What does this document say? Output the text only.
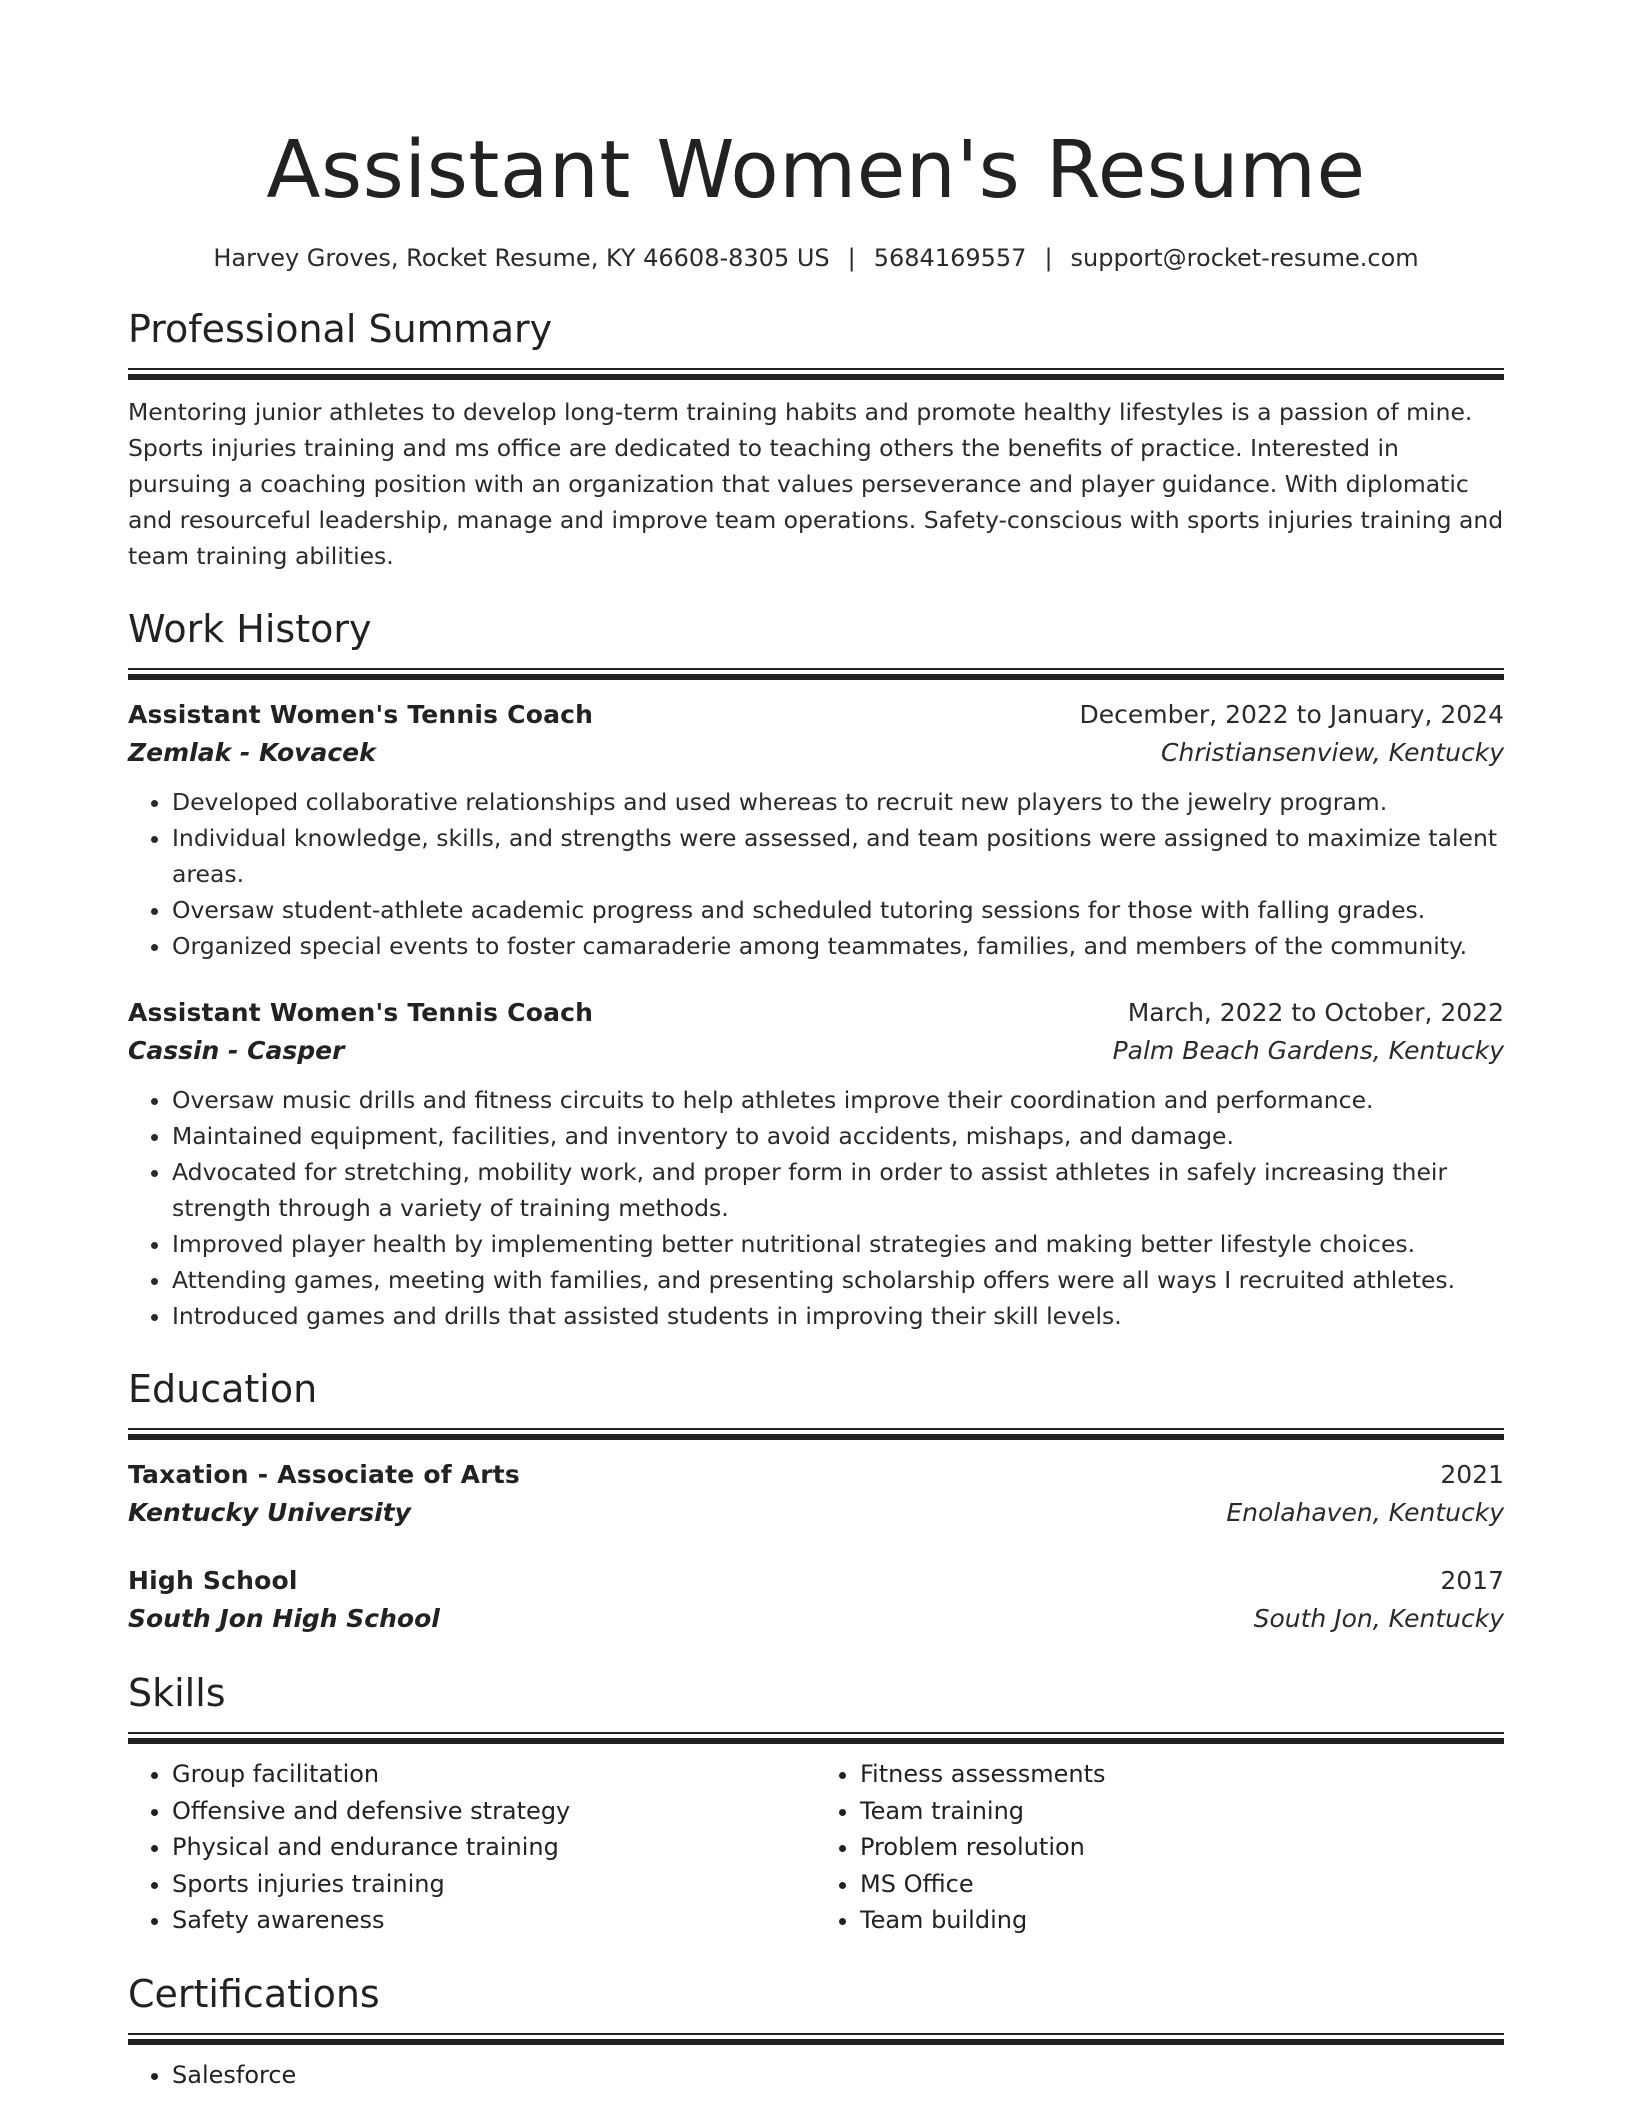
Assistant Women's Resume
Harvey Groves, Rocket Resume, KY 46608-8305 US | 5684169557 | support@rocket-resume.com
Professional Summary
Mentoring junior athletes to develop long-term training habits and promote healthy lifestyles is a passion of mine. Sports injuries training and ms office are dedicated to teaching others the benefits of practice. Interested in pursuing a coaching position with an organization that values perseverance and player guidance. With diplomatic and resourceful leadership, manage and improve team operations. Safety-conscious with sports injuries training and team training abilities.
Work History
Assistant Women's Tennis Coach	December, 2022 to January, 2024
Zemlak - Kovacek	Christiansenview, Kentucky
• Developed collaborative relationships and used whereas to recruit new players to the jewelry program.
• Individual knowledge, skills, and strengths were assessed, and team positions were assigned to maximize talent areas.
• Oversaw student-athlete academic progress and scheduled tutoring sessions for those with falling grades.
• Organized special events to foster camaraderie among teammates, families, and members of the community.
Assistant Women's Tennis Coach	March, 2022 to October, 2022
Cassin - Casper	Palm Beach Gardens, Kentucky
• Oversaw music drills and fitness circuits to help athletes improve their coordination and performance.
• Maintained equipment, facilities, and inventory to avoid accidents, mishaps, and damage.
• Advocated for stretching, mobility work, and proper form in order to assist athletes in safely increasing their strength through a variety of training methods.
• Improved player health by implementing better nutritional strategies and making better lifestyle choices.
• Attending games, meeting with families, and presenting scholarship offers were all ways I recruited athletes.
• Introduced games and drills that assisted students in improving their skill levels.
Education
Taxation - Associate of Arts	2021
Kentucky University	Enolahaven, Kentucky
High School	2017
South Jon High School	South Jon, Kentucky
Skills
• Group facilitation
• Offensive and defensive strategy
• Physical and endurance training
• Sports injuries training
• Safety awareness
• Fitness assessments
• Team training
• Problem resolution
• MS Office
• Team building
Certifications
• Salesforce
